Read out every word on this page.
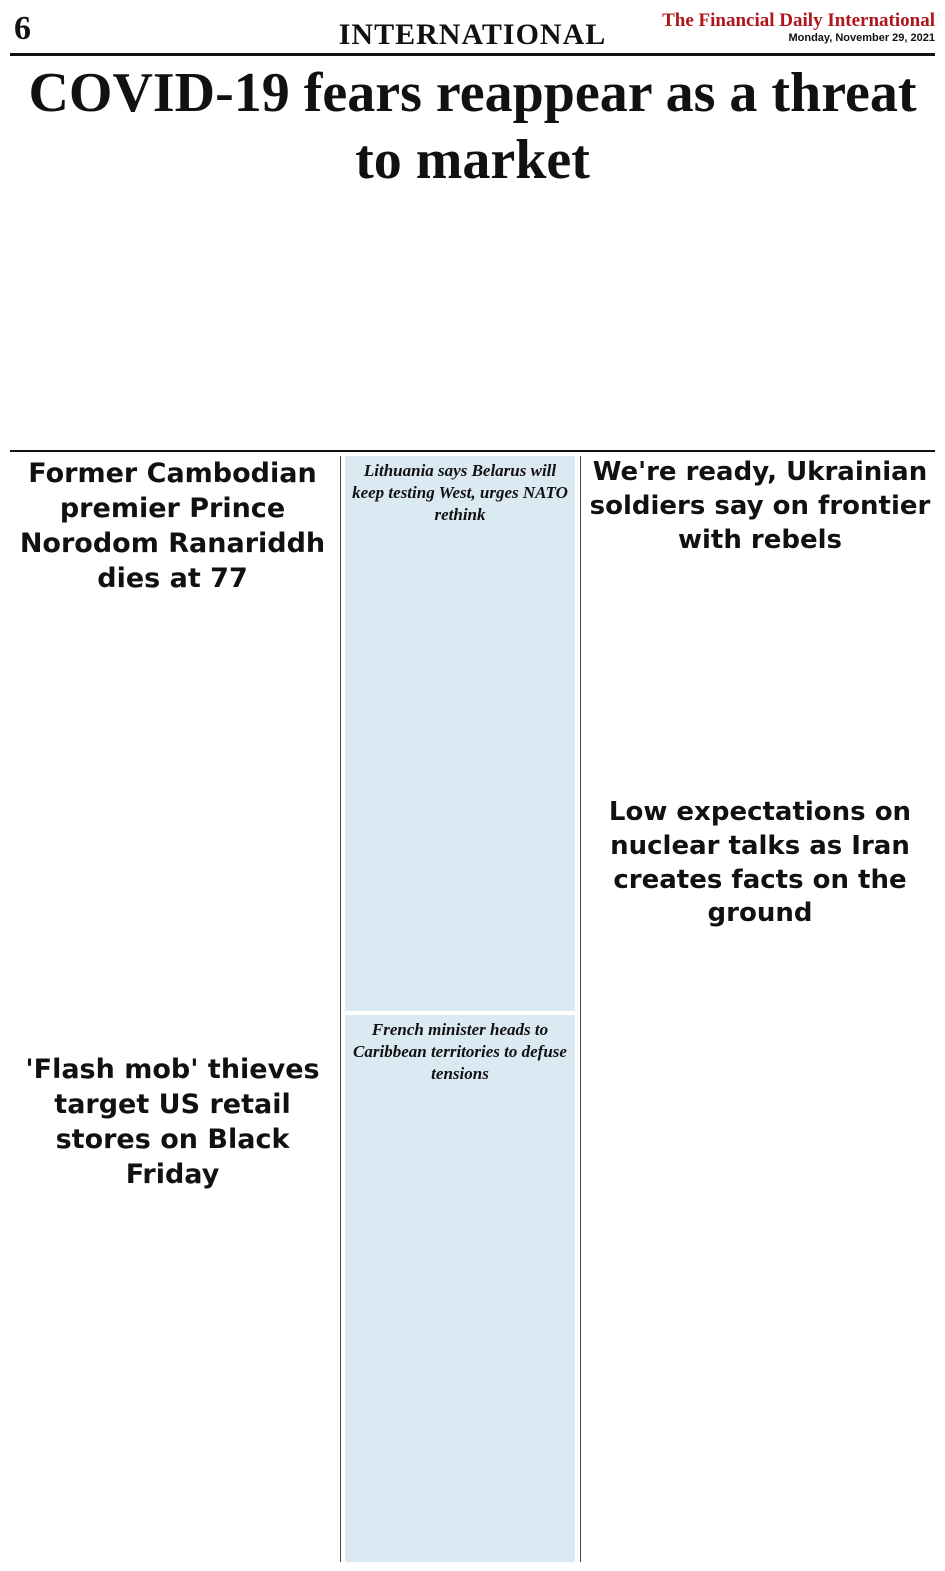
6	INTERNATIONAL	The Financial Daily International
Monday, November 29, 2021
COVID-19 fears reappear as a threat to market
Former Cambodian premier Prince Norodom Ranariddh dies at 77
'Flash mob' thieves target US retail stores on Black Friday
Lithuania says Belarus will keep testing West, urges NATO rethink
French minister heads to Caribbean territories to defuse tensions
We're ready, Ukrainian soldiers say on frontier with rebels
Low expectations on nuclear talks as Iran creates facts on the ground
